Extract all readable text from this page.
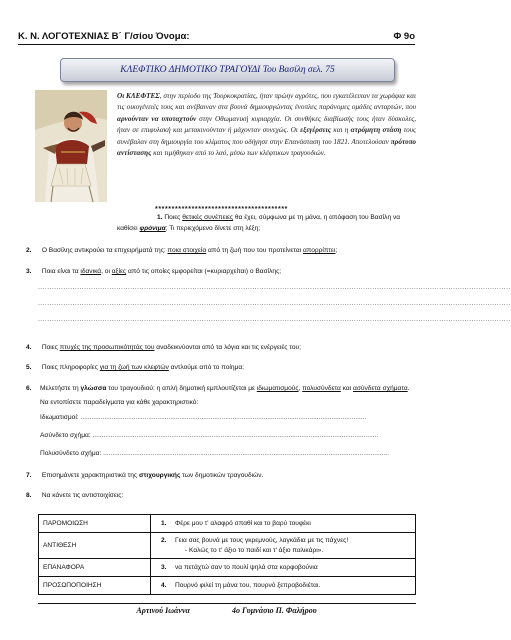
Κ. Ν. ΛΟΓΟΤΕΧΝΙΑΣ Β΄ Γ/σίου Όνομα:	Φ 9ο
ΚΛΕΦΤΙΚΟ ΔΗΜΟΤΙΚΟ ΤΡΑΓΟΥΔΙ Του Βασίλη σελ. 75
Οι ΚΛΕΦΤΕΣ, στην περίοδο της Τουρκοκρατίας, ήταν πρώην αγρότες, που εγκατέλειπαν τα χωράφια και τις οικογένειές τους και ανέβαιναν στα βουνά δημιουργώντας ένοπλες παράνομες ομάδες ανταρτών, που αρνούνταν να υποταχτούν στην Οθωμανική κυριαρχία. Οι συνθήκες διαβίωσής τους ήταν δύσκολες, ήταν σε επιφυλακή και μετακινούνταν ή μάχονταν συνεχώς. Οι εξεγέρσεις και η ατρόμητη στάση τους συνέβαλαν στη δημιουργία του κλίματος που οδήγησε στην Επανάσταση του 1821. Αποτελούσαν πρότυπο αντίστασης και τιμήθηκαν από το λαό, μέσω των κλέφτικων τραγουδιών.
****************************************
1. Ποιες θετικές συνέπειες θα έχει, σύμφωνα με τη μάνα, η απόφαση του Βασίλη να καθίσει φρόνιμα; Τι περιεχόμενο δίνετε στη λέξη;
2. Ο Βασίλης αντικρούει τα επιχειρήματά της: ποια στοιχεία από τη ζωή που του προτείνεται απορρίπτει;
3. Ποια είναι τα ιδανικά, οι αξίες από τις οποίες εμφορείται (=κυριαρχείται) ο Βασίλης;
.............................................................................................................................................................................................................
.............................................................................................................................................................................................................
.............................................................................................................................................................................................................
4. Ποιες πτυχές της προσωπικότητάς του αναδεικνύονται από τα λόγια και τις ενέργειές του;
5. Ποιες πληροφορίες για τη ζωή των κλεφτών αντλούμε από το ποίημα;
6. Μελετήστε τη γλώσσα του τραγουδιού: η απλή δημοτική εμπλουτίζεται με ιδιωματισμούς, πολυσύνδετα και ασύνδετα σχήματα. Να εντοπίσετε παραδείγματα για κάθε χαρακτηριστικό:
Ιδιωματισμοί: ............................................................................................................................................................
Ασύνδετο σχήμα: ............................................................................................................................................................
Πολυσύνδετο σχήμα: ............................................................................................................................................................
7. Επισημάνετε χαρακτηριστικά της στιχουργικής των δημοτικών τραγουδιών.
8. Να κάνετε τις αντιστοιχίσεις:
ΠΑΡΟΜΟΙΩΣΗ	1. Φέρε μου τ' αλαφρό σπαθί και το βαρύ τουφέκι
ΑΝΤΙΘΕΣΗ	2. Γεια σας βουνά με τους γκρεμνούς, λαγκάδια με τις πάχνες!
- Καλώς το τ' άξιο το παιδί και τ' άξιο παλικάρι».
ΕΠΑΝΑΦΟΡΑ	3. να πετάχτώ σαν το πουλί ψηλά στα κορφοβούνια
ΠΡΟΣΩΠΟΠΟΙΗΣΗ	4. Πουρνό φιλεί τη μάνα του, πουρνό ξεπροβοδιέται.
Αρτινού Ιωάννα	4ο Γυμνάσιο Π. Φαλήρου
